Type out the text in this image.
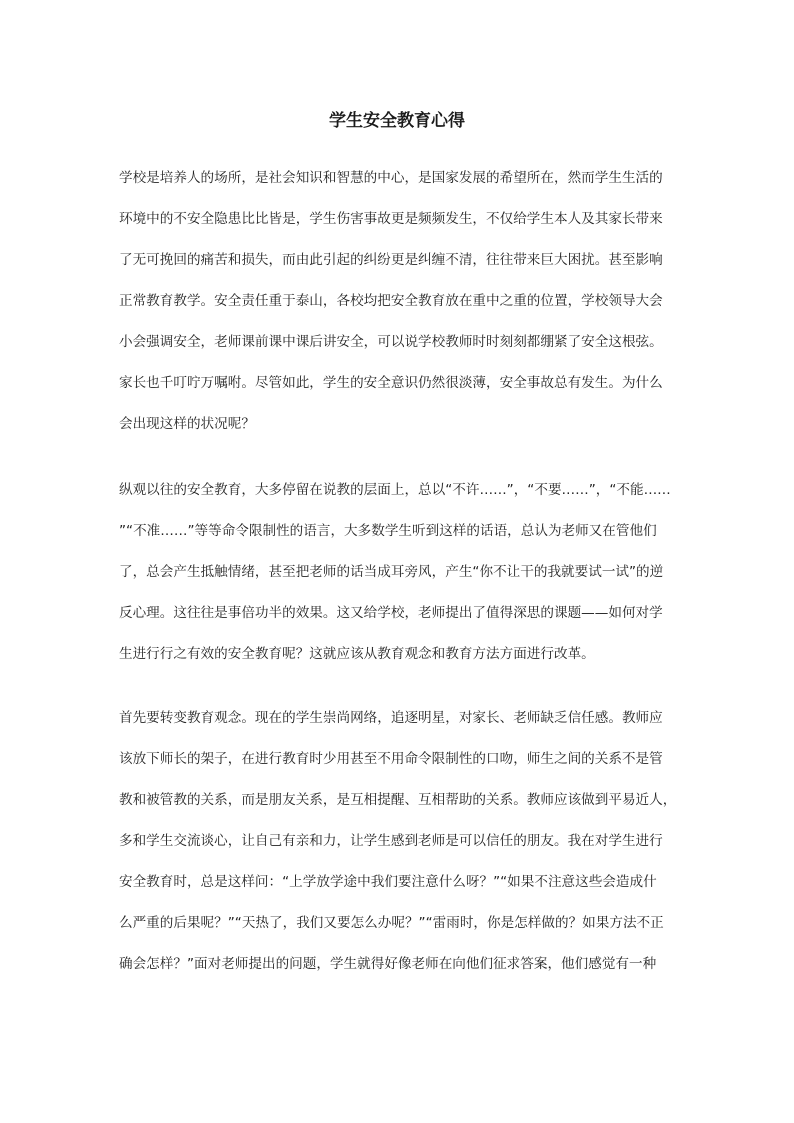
学生安全教育心得
学校是培养人的场所，是社会知识和智慧的中心，是国家发展的希望所在，然而学生生活的
环境中的不安全隐患比比皆是，学生伤害事故更是频频发生，不仅给学生本人及其家长带来
了无可挽回的痛苦和损失，而由此引起的纠纷更是纠缠不清，往往带来巨大困扰。甚至影响
正常教育教学。安全责任重于泰山，各校均把安全教育放在重中之重的位置，学校领导大会
小会强调安全，老师课前课中课后讲安全，可以说学校教师时时刻刻都绷紧了安全这根弦。
家长也千叮咛万嘱咐。尽管如此，学生的安全意识仍然很淡薄，安全事故总有发生。为什么
会出现这样的状况呢？
纵观以往的安全教育，大多停留在说教的层面上，总以“不许……”，“不要……”，“不能……
”“不准……”等等命令限制性的语言，大多数学生听到这样的话语，总认为老师又在管他们
了，总会产生抵触情绪，甚至把老师的话当成耳旁风，产生“你不让干的我就要试一试”的逆
反心理。这往往是事倍功半的效果。这又给学校，老师提出了值得深思的课题——如何对学
生进行行之有效的安全教育呢？这就应该从教育观念和教育方法方面进行改革。
首先要转变教育观念。现在的学生崇尚网络，追逐明星，对家长、老师缺乏信任感。教师应
该放下师长的架子，在进行教育时少用甚至不用命令限制性的口吻，师生之间的关系不是管
教和被管教的关系，而是朋友关系，是互相提醒、互相帮助的关系。教师应该做到平易近人，
多和学生交流谈心，让自己有亲和力，让学生感到老师是可以信任的朋友。我在对学生进行
安全教育时，总是这样问：“上学放学途中我们要注意什么呀？”“如果不注意这些会造成什
么严重的后果呢？”“天热了，我们又要怎么办呢？”“雷雨时，你是怎样做的？如果方法不正
确会怎样？”面对老师提出的问题，学生就得好像老师在向他们征求答案，他们感觉有一种
